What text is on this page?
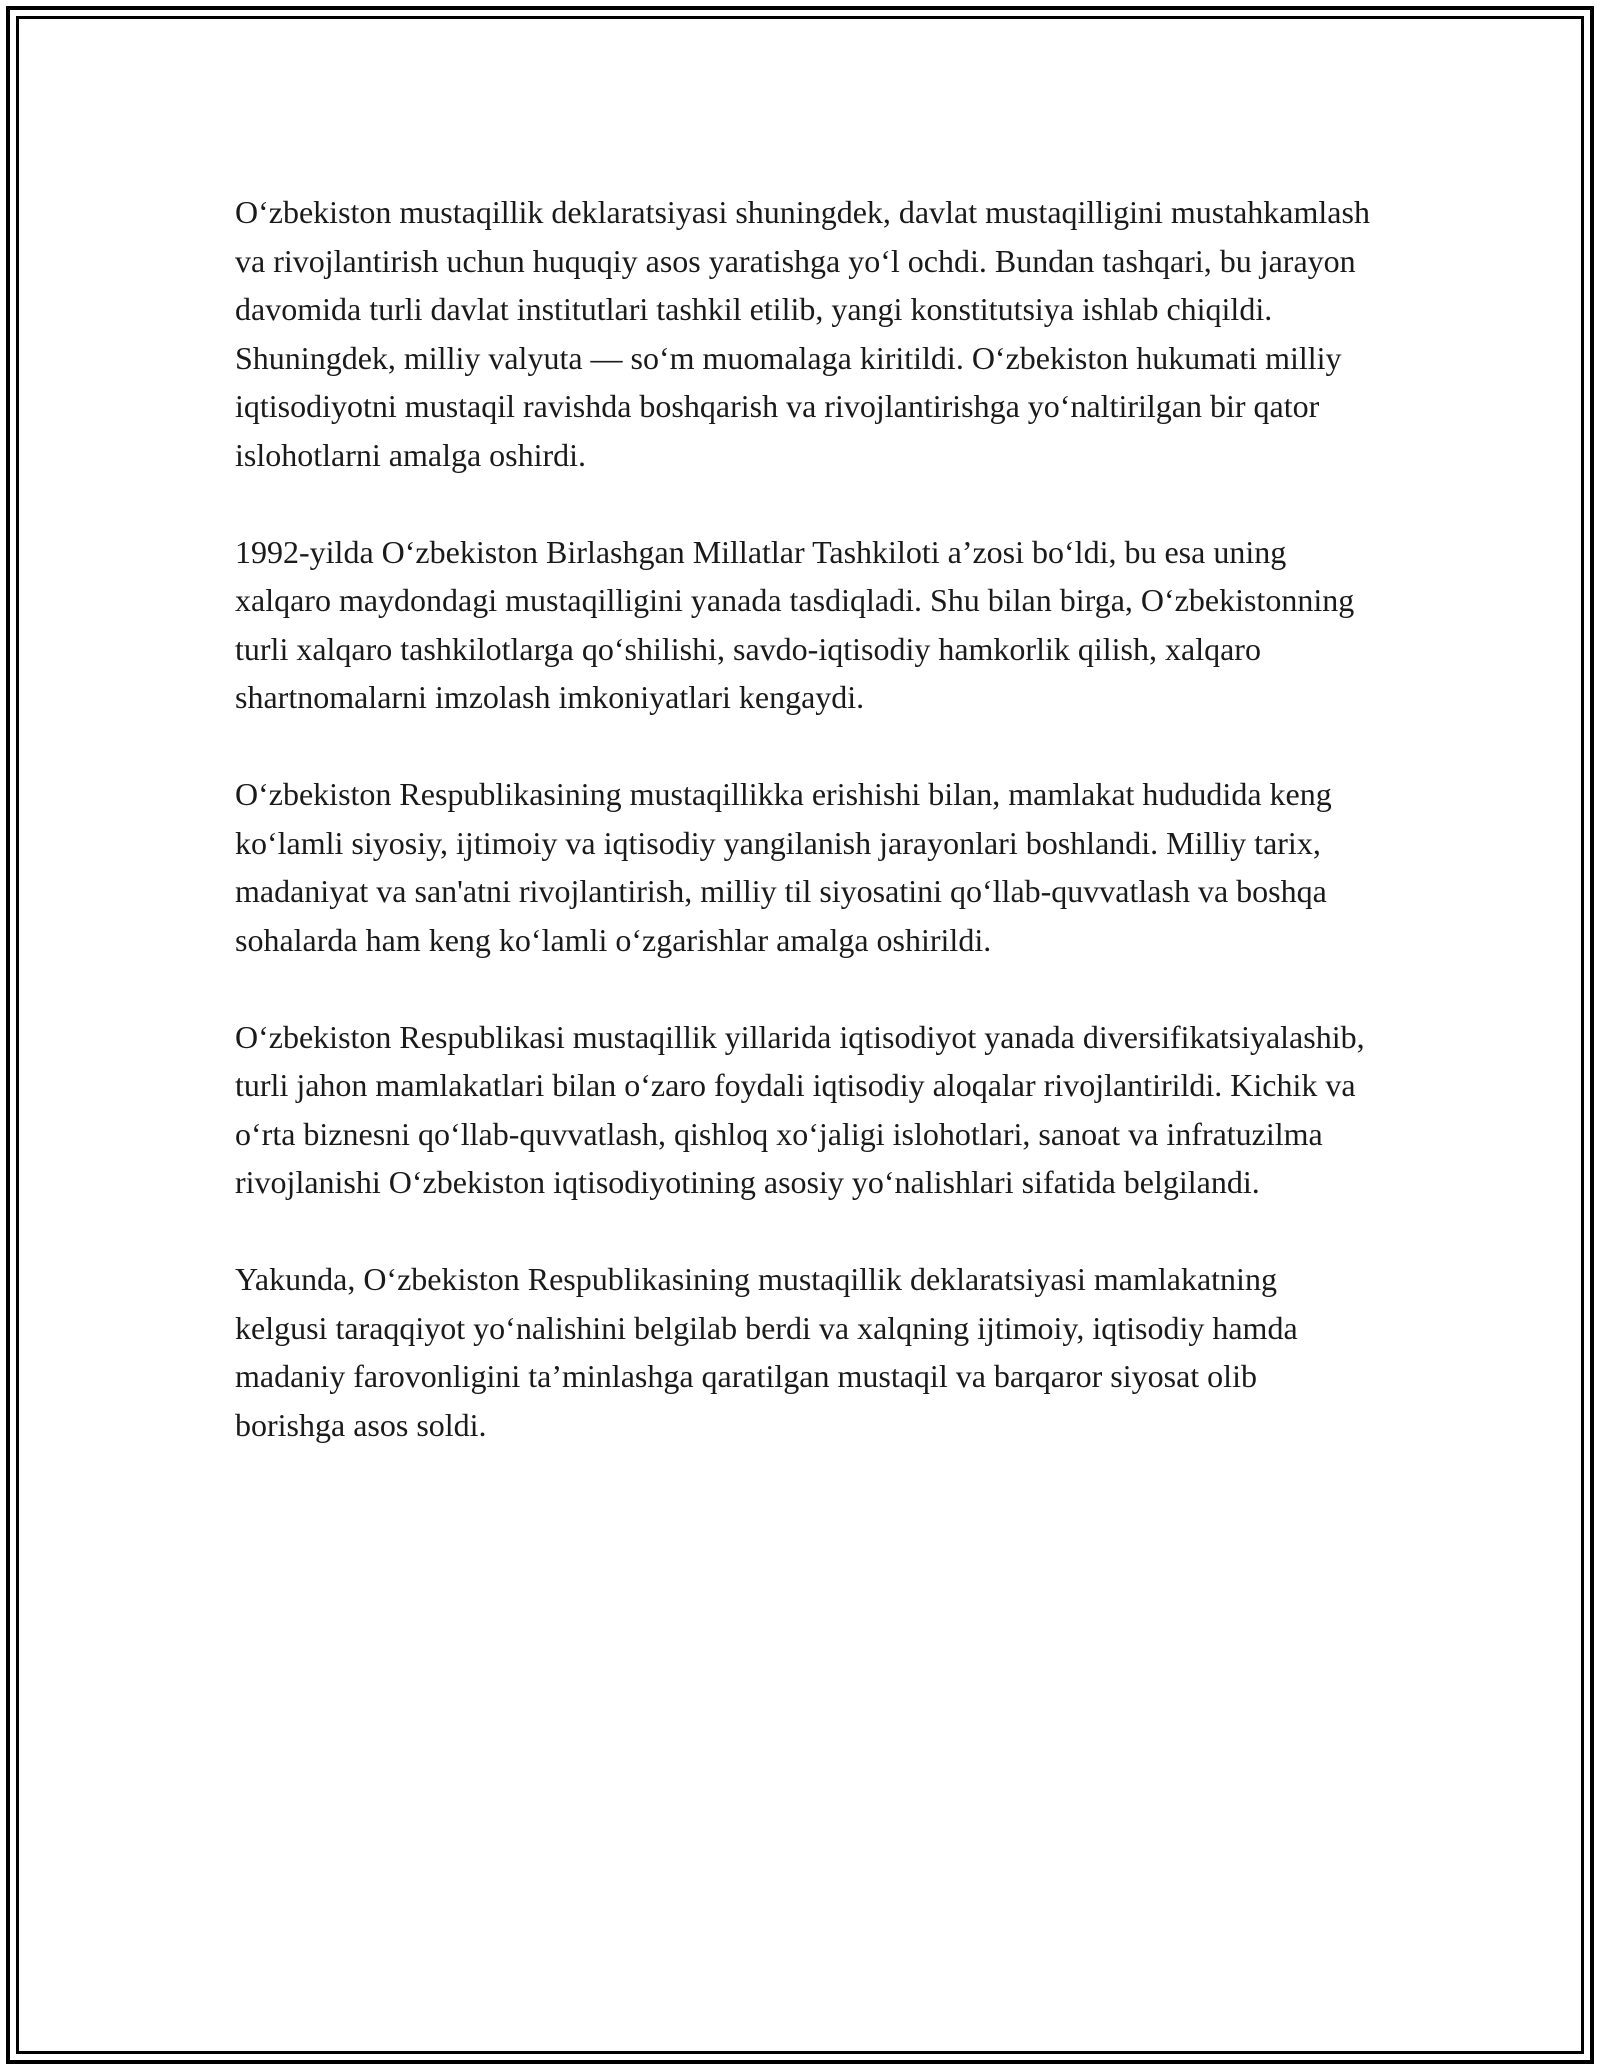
O‘zbekiston mustaqillik deklaratsiyasi shuningdek, davlat mustaqilligini mustahkamlash va rivojlantirish uchun huquqiy asos yaratishga yo‘l ochdi. Bundan tashqari, bu jarayon davomida turli davlat institutlari tashkil etilib, yangi konstitutsiya ishlab chiqildi. Shuningdek, milliy valyuta — so‘m muomalaga kiritildi. O‘zbekiston hukumati milliy iqtisodiyotni mustaqil ravishda boshqarish va rivojlantirishga yo‘naltirilgan bir qator islohotlarni amalga oshirdi.

1992-yilda O‘zbekiston Birlashgan Millatlar Tashkiloti a’zosi bo‘ldi, bu esa uning xalqaro maydondagi mustaqilligini yanada tasdiqladi. Shu bilan birga, O‘zbekistonning turli xalqaro tashkilotlarga qo‘shilishi, savdo-iqtisodiy hamkorlik qilish, xalqaro shartnomalarni imzolash imkoniyatlari kengaydi.

O‘zbekiston Respublikasining mustaqillikka erishishi bilan, mamlakat hududida keng ko‘lamli siyosiy, ijtimoiy va iqtisodiy yangilanish jarayonlari boshlandi. Milliy tarix, madaniyat va san'atni rivojlantirish, milliy til siyosatini qo‘llab-quvvatlash va boshqa sohalarda ham keng ko‘lamli o‘zgarishlar amalga oshirildi.

O‘zbekiston Respublikasi mustaqillik yillarida iqtisodiyot yanada diversifikatsiyalashib, turli jahon mamlakatlari bilan o‘zaro foydali iqtisodiy aloqalar rivojlantirildi. Kichik va o‘rta biznesni qo‘llab-quvvatlash, qishloq xo‘jaligi islohotlari, sanoat va infratuzilma rivojlanishi O‘zbekiston iqtisodiyotining asosiy yo‘nalishlari sifatida belgilandi.

Yakunda, O‘zbekiston Respublikasining mustaqillik deklaratsiyasi mamlakatning kelgusi taraqqiyot yo‘nalishini belgilab berdi va xalqning ijtimoiy, iqtisodiy hamda madaniy farovonligini ta’minlashga qaratilgan mustaqil va barqaror siyosat olib borishga asos soldi.
